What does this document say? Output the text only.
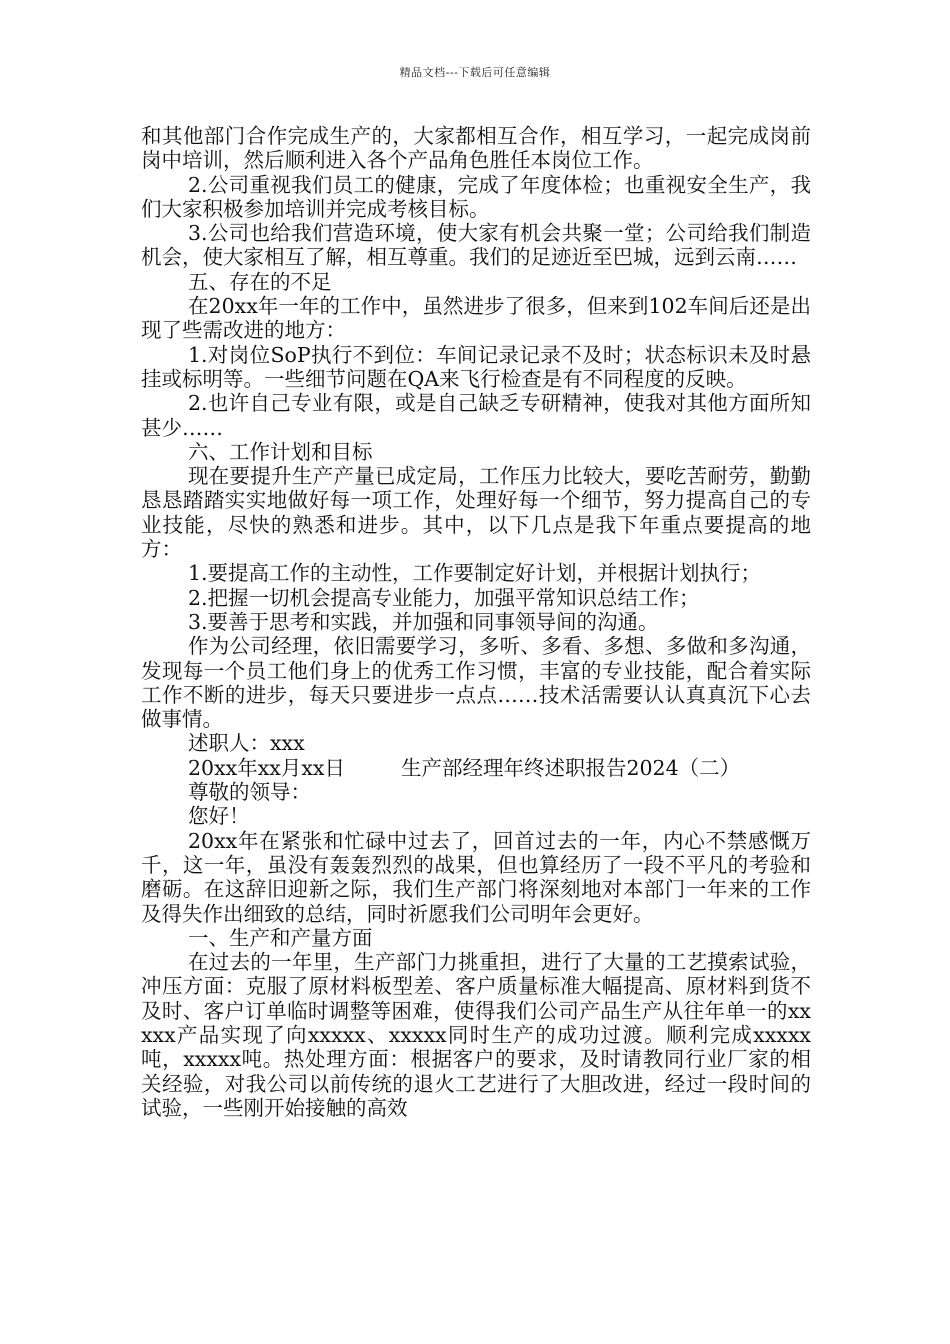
精品文档---下载后可任意编辑

和其他部门合作完成生产的，大家都相互合作，相互学习，一起完成岗前岗中培训，然后顺利进入各个产品角色胜任本岗位工作。

2.公司重视我们员工的健康，完成了年度体检；也重视安全生产，我们大家积极参加培训并完成考核目标。

3.公司也给我们营造环境，使大家有机会共聚一堂；公司给我们制造机会，使大家相互了解，相互尊重。我们的足迹近至巴城，远到云南……

五、存在的不足

在20xx年一年的工作中，虽然进步了很多，但来到102车间后还是出现了些需改进的地方：

1.对岗位SoP执行不到位：车间记录记录不及时；状态标识未及时悬挂或标明等。一些细节问题在QA来飞行检查是有不同程度的反映。

2.也许自己专业有限，或是自己缺乏专研精神，使我对其他方面所知甚少……

六、工作计划和目标

现在要提升生产产量已成定局，工作压力比较大，要吃苦耐劳，勤勤恳恳踏踏实实地做好每一项工作，处理好每一个细节，努力提高自己的专业技能，尽快的熟悉和进步。其中，以下几点是我下年重点要提高的地方：

1.要提高工作的主动性，工作要制定好计划，并根据计划执行；

2.把握一切机会提高专业能力，加强平常知识总结工作；

3.要善于思考和实践，并加强和同事领导间的沟通。

作为公司经理，依旧需要学习，多听、多看、多想、多做和多沟通，发现每一个员工他们身上的优秀工作习惯，丰富的专业技能，配合着实际工作不断的进步，每天只要进步一点点……技术活需要认认真真沉下心去做事情。

述职人：xxx

20xx年xx月xx日	生产部经理年终述职报告2024（二）

尊敬的领导：

您好！

20xx年在紧张和忙碌中过去了，回首过去的一年，内心不禁感慨万千，这一年，虽没有轰轰烈烈的战果，但也算经历了一段不平凡的考验和磨砺。在这辞旧迎新之际，我们生产部门将深刻地对本部门一年来的工作及得失作出细致的总结，同时祈愿我们公司明年会更好。

一、生产和产量方面

在过去的一年里，生产部门力挑重担，进行了大量的工艺摸索试验，冲压方面：克服了原材料板型差、客户质量标准大幅提高、原材料到货不及时、客户订单临时调整等困难，使得我们公司产品生产从往年单一的xxxxx产品实现了向xxxxx、xxxxx同时生产的成功过渡。顺利完成xxxxx吨，xxxxx吨。热处理方面：根据客户的要求，及时请教同行业厂家的相关经验，对我公司以前传统的退火工艺进行了大胆改进，经过一段时间的试验，一些刚开始接触的高效
